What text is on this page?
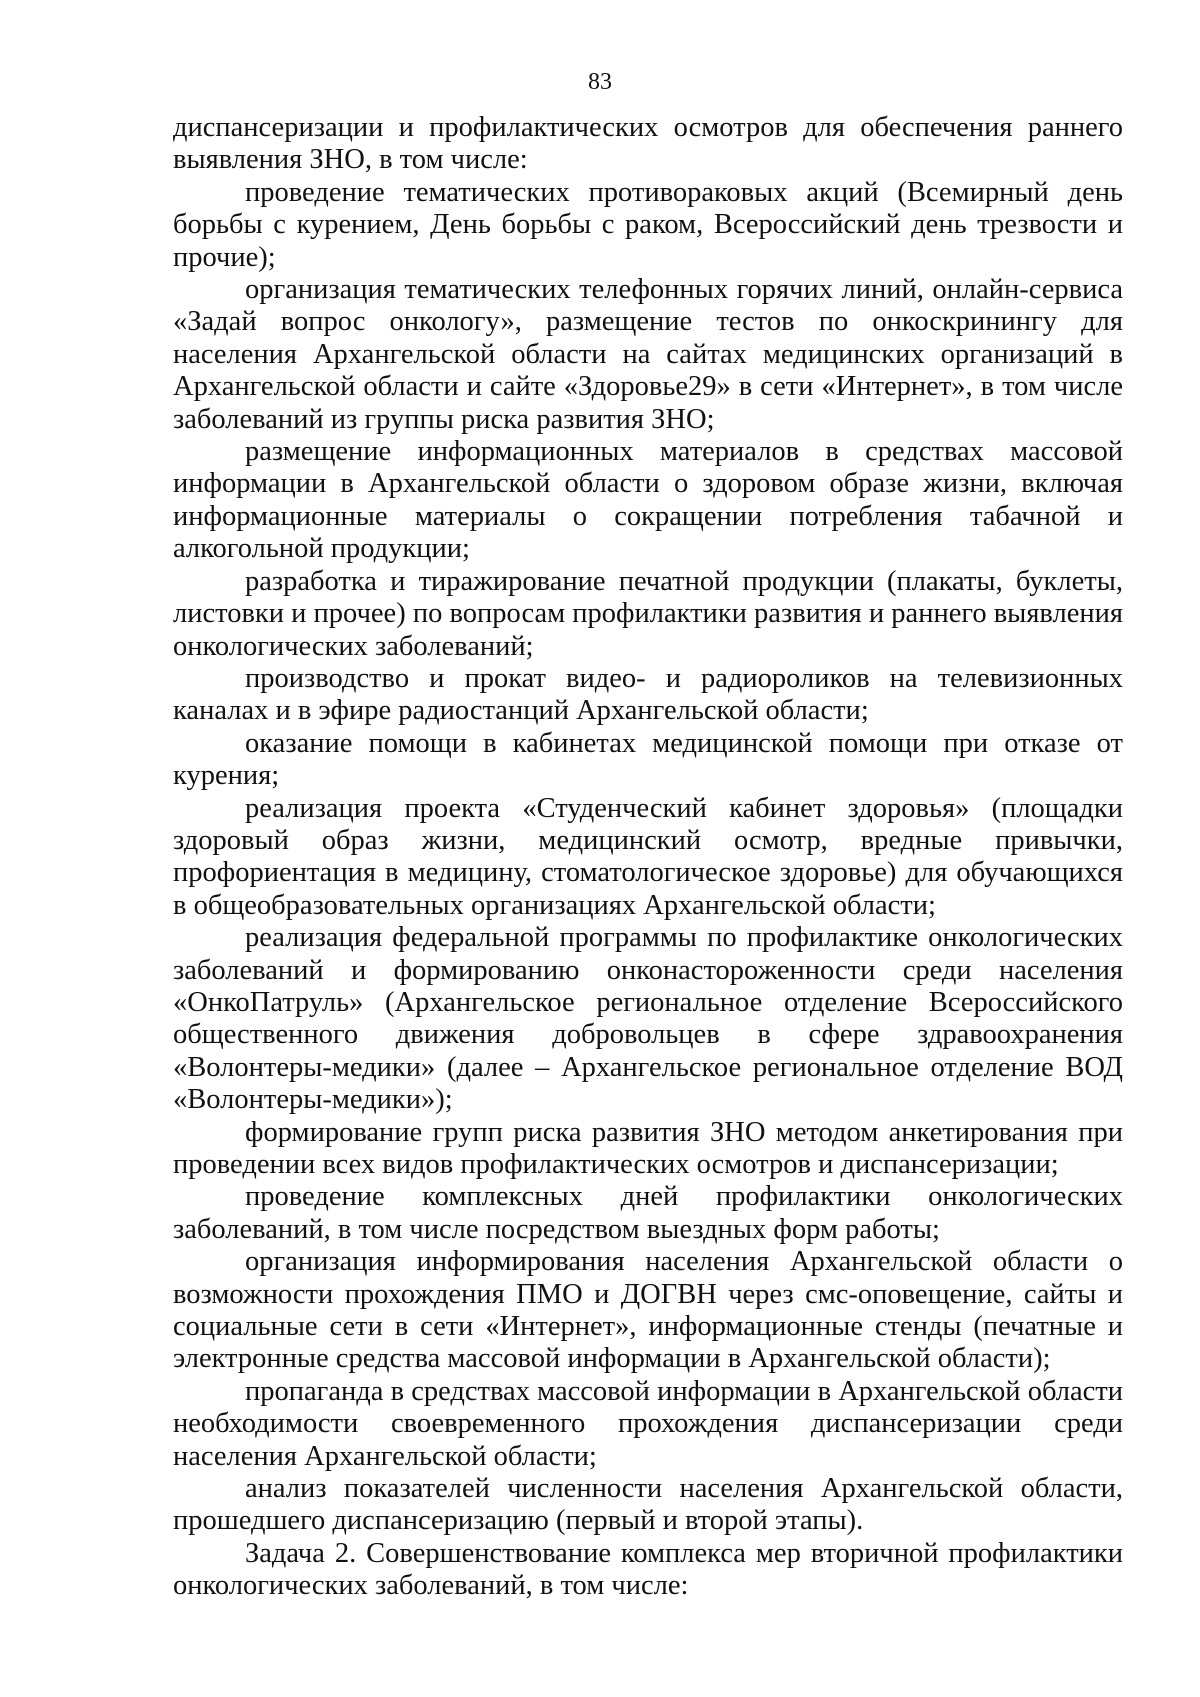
83

диспансеризации и профилактических осмотров для обеспечения раннего выявления ЗНО, в том числе:

проведение тематических противораковых акций (Всемирный день борьбы с курением, День борьбы с раком, Всероссийский день трезвости и прочие);

организация тематических телефонных горячих линий, онлайн-сервиса «Задай вопрос онкологу», размещение тестов по онкоскринингу для населения Архангельской области на сайтах медицинских организаций в Архангельской области и сайте «Здоровье29» в сети «Интернет», в том числе заболеваний из группы риска развития ЗНО;

размещение информационных материалов в средствах массовой информации в Архангельской области о здоровом образе жизни, включая информационные материалы о сокращении потребления табачной и алкогольной продукции;

разработка и тиражирование печатной продукции (плакаты, буклеты, листовки и прочее) по вопросам профилактики развития и раннего выявления онкологических заболеваний;

производство и прокат видео- и радиороликов на телевизионных каналах и в эфире радиостанций Архангельской области;

оказание помощи в кабинетах медицинской помощи при отказе от курения;

реализация проекта «Студенческий кабинет здоровья» (площадки здоровый образ жизни, медицинский осмотр, вредные привычки, профориентация в медицину, стоматологическое здоровье) для обучающихся в общеобразовательных организациях Архангельской области;

реализация федеральной программы по профилактике онкологических заболеваний и формированию онконастороженности среди населения «ОнкоПатруль» (Архангельское региональное отделение Всероссийского общественного движения добровольцев в сфере здравоохранения «Волонтеры-медики» (далее – Архангельское региональное отделение ВОД «Волонтеры-медики»);

формирование групп риска развития ЗНО методом анкетирования при проведении всех видов профилактических осмотров и диспансеризации;

проведение комплексных дней профилактики онкологических заболеваний, в том числе посредством выездных форм работы;

организация информирования населения Архангельской области о возможности прохождения ПМО и ДОГВН через смс-оповещение, сайты и социальные сети в сети «Интернет», информационные стенды (печатные и электронные средства массовой информации в Архангельской области);

пропаганда в средствах массовой информации в Архангельской области необходимости своевременного прохождения диспансеризации среди населения Архангельской области;

анализ показателей численности населения Архангельской области, прошедшего диспансеризацию (первый и второй этапы).

Задача 2. Совершенствование комплекса мер вторичной профилактики онкологических заболеваний, в том числе:
